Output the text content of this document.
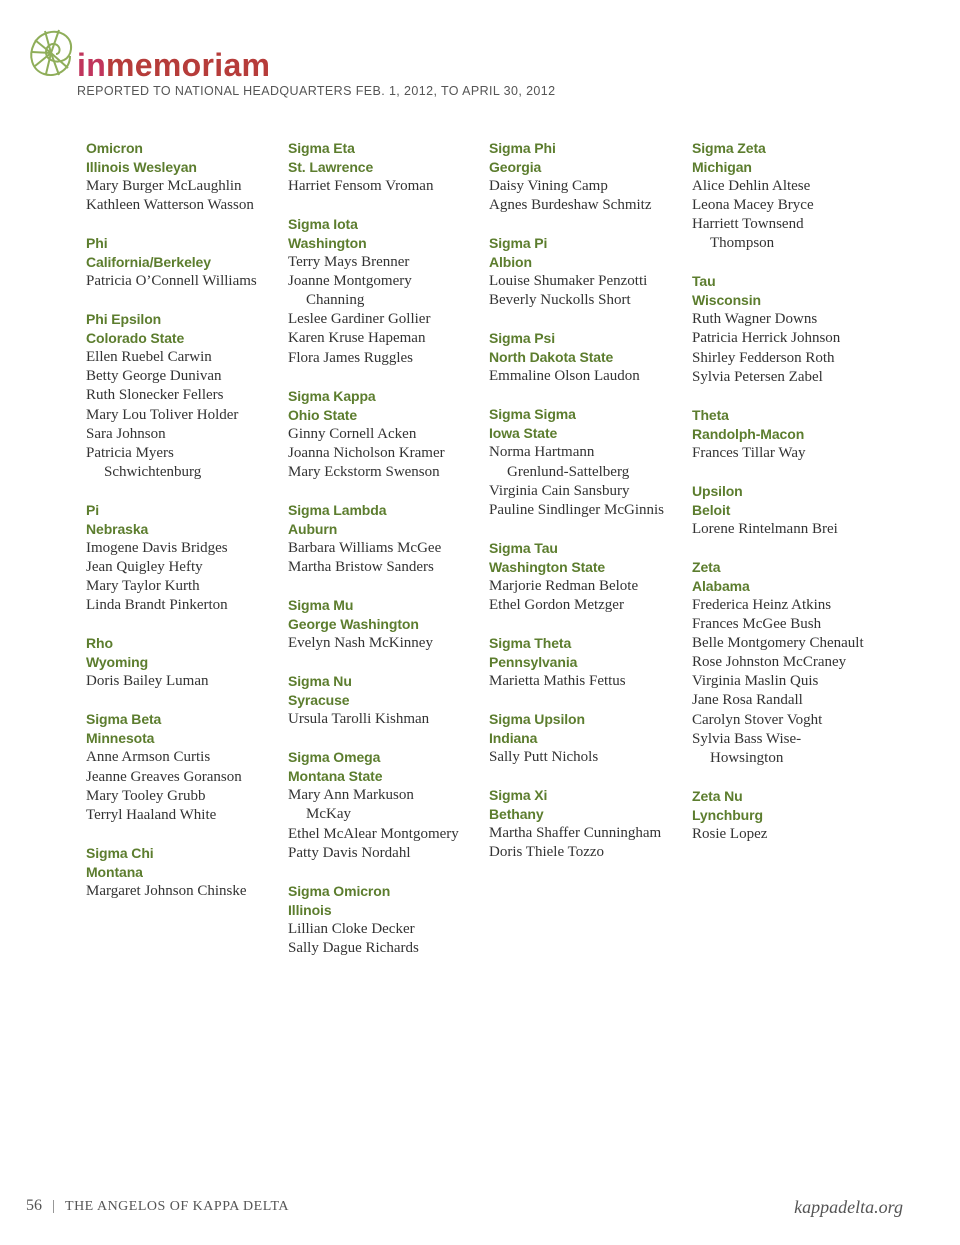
inmemoriam
REPORTED TO NATIONAL HEADQUARTERS FEB. 1, 2012, TO APRIL 30, 2012
Omicron
Illinois Wesleyan
Mary Burger McLaughlin
Kathleen Watterson Wasson
Phi
California/Berkeley
Patricia O’Connell Williams
Phi Epsilon
Colorado State
Ellen Ruebel Carwin
Betty George Dunivan
Ruth Slonecker Fellers
Mary Lou Toliver Holder
Sara Johnson
Patricia Myers
Schwichtenburg
Pi
Nebraska
Imogene Davis Bridges
Jean Quigley Hefty
Mary Taylor Kurth
Linda Brandt Pinkerton
Rho
Wyoming
Doris Bailey Luman
Sigma Beta
Minnesota
Anne Armson Curtis
Jeanne Greaves Goranson
Mary Tooley Grubb
Terryl Haaland White
Sigma Chi
Montana
Margaret Johnson Chinske
Sigma Eta
St. Lawrence
Harriet Fensom Vroman
Sigma Iota
Washington
Terry Mays Brenner
Joanne Montgomery
Channing
Leslee Gardiner Gollier
Karen Kruse Hapeman
Flora James Ruggles
Sigma Kappa
Ohio State
Ginny Cornell Acken
Joanna Nicholson Kramer
Mary Eckstorm Swenson
Sigma Lambda
Auburn
Barbara Williams McGee
Martha Bristow Sanders
Sigma Mu
George Washington
Evelyn Nash McKinney
Sigma Nu
Syracuse
Ursula Tarolli Kishman
Sigma Omega
Montana State
Mary Ann Markuson
McKay
Ethel McAlear Montgomery
Patty Davis Nordahl
Sigma Omicron
Illinois
Lillian Cloke Decker
Sally Dague Richards
Sigma Phi
Georgia
Daisy Vining Camp
Agnes Burdeshaw Schmitz
Sigma Pi
Albion
Louise Shumaker Penzotti
Beverly Nuckolls Short
Sigma Psi
North Dakota State
Emmaline Olson Laudon
Sigma Sigma
Iowa State
Norma Hartmann
Grenlund-Sattelberg
Virginia Cain Sansbury
Pauline Sindlinger McGinnis
Sigma Tau
Washington State
Marjorie Redman Belote
Ethel Gordon Metzger
Sigma Theta
Pennsylvania
Marietta Mathis Fettus
Sigma Upsilon
Indiana
Sally Putt Nichols
Sigma Xi
Bethany
Martha Shaffer Cunningham
Doris Thiele Tozzo
Sigma Zeta
Michigan
Alice Dehlin Altese
Leona Macey Bryce
Harriett Townsend
Thompson
Tau
Wisconsin
Ruth Wagner Downs
Patricia Herrick Johnson
Shirley Fedderson Roth
Sylvia Petersen Zabel
Theta
Randolph-Macon
Frances Tillar Way
Upsilon
Beloit
Lorene Rintelmann Brei
Zeta
Alabama
Frederica Heinz Atkins
Frances McGee Bush
Belle Montgomery Chenault
Rose Johnston McCraney
Virginia Maslin Quis
Jane Rosa Randall
Carolyn Stover Voght
Sylvia Bass Wise-
Howsington
Zeta Nu
Lynchburg
Rosie Lopez
56 | THE ANGELOS OF KAPPA DELTA	kappadelta.org
